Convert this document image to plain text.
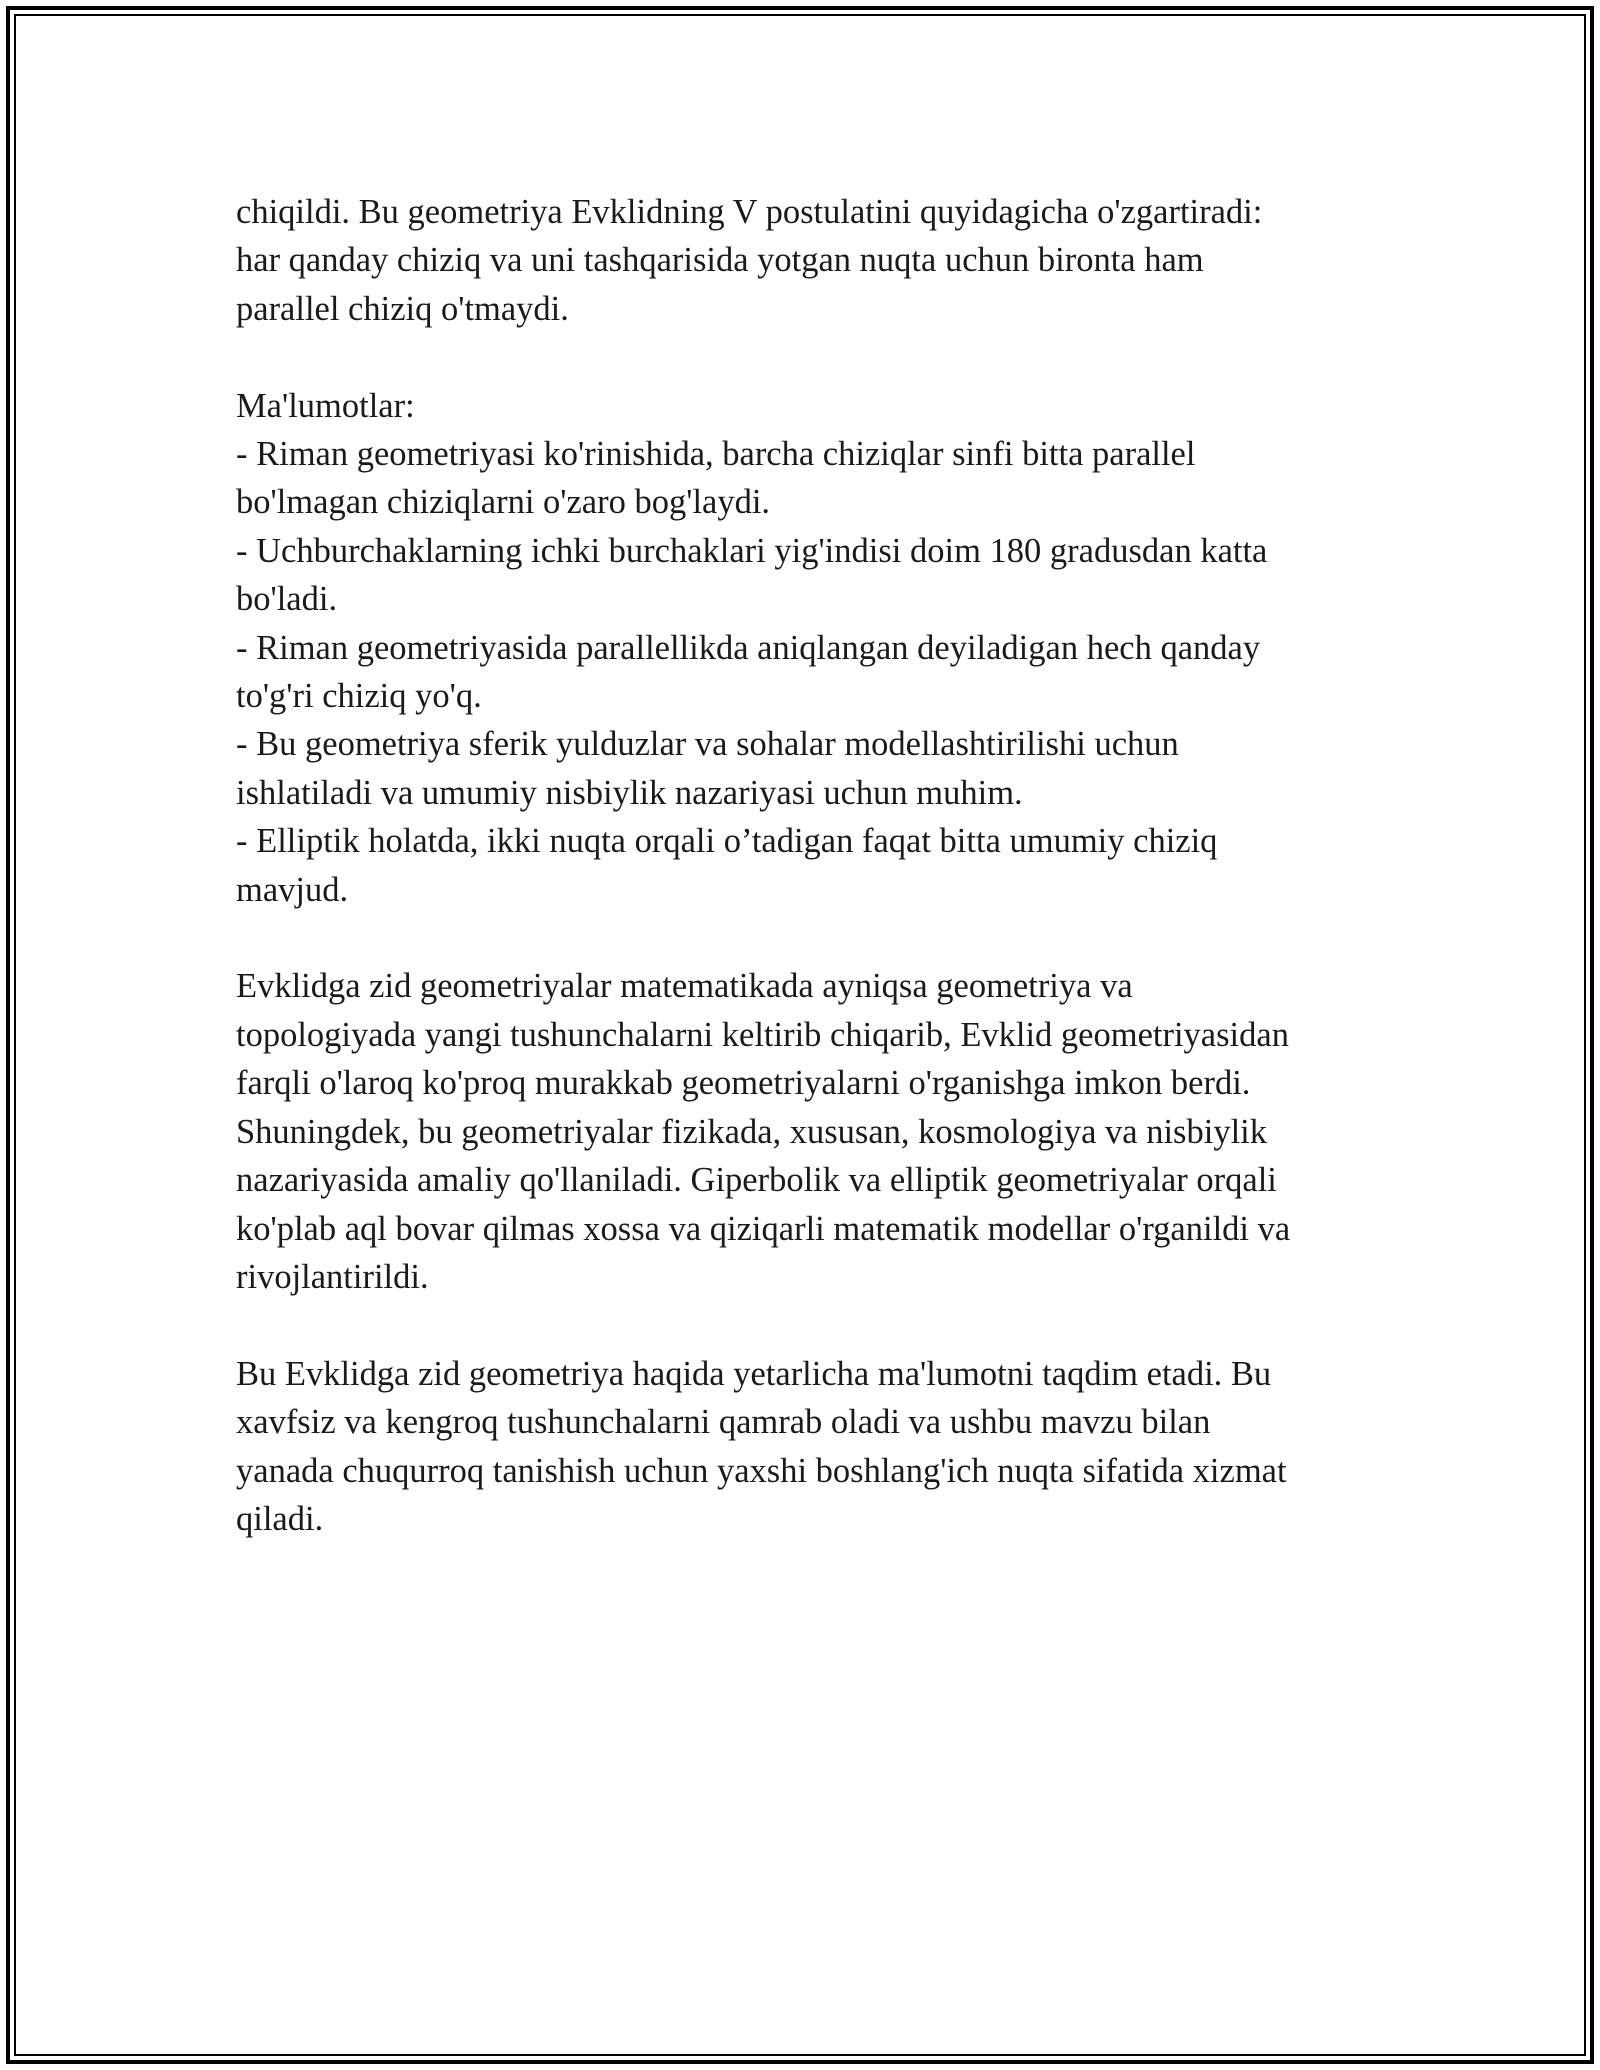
chiqildi. Bu geometriya Evklidning V postulatini quyidagicha o'zgartiradi:
har qanday chiziq va uni tashqarisida yotgan nuqta uchun bironta ham
parallel chiziq o'tmaydi.
Ma'lumotlar:
- Riman geometriyasi ko'rinishida, barcha chiziqlar sinfi bitta parallel
bo'lmagan chiziqlarni o'zaro bog'laydi.
- Uchburchaklarning ichki burchaklari yig'indisi doim 180 gradusdan katta
bo'ladi.
- Riman geometriyasida parallellikda aniqlangan deyiladigan hech qanday
to'g'ri chiziq yo'q.
- Bu geometriya sferik yulduzlar va sohalar modellashtirilishi uchun
ishlatiladi va umumiy nisbiylik nazariyasi uchun muhim.
- Elliptik holatda, ikki nuqta orqali o’tadigan faqat bitta umumiy chiziq
mavjud.
Evklidga zid geometriyalar matematikada ayniqsa geometriya va
topologiyada yangi tushunchalarni keltirib chiqarib, Evklid geometriyasidan
farqli o'laroq ko'proq murakkab geometriyalarni o'rganishga imkon berdi.
Shuningdek, bu geometriyalar fizikada, xususan, kosmologiya va nisbiylik
nazariyasida amaliy qo'llaniladi. Giperbolik va elliptik geometriyalar orqali
ko'plab aql bovar qilmas xossa va qiziqarli matematik modellar o'rganildi va
rivojlantirildi.
Bu Evklidga zid geometriya haqida yetarlicha ma'lumotni taqdim etadi. Bu
xavfsiz va kengroq tushunchalarni qamrab oladi va ushbu mavzu bilan
yanada chuqurroq tanishish uchun yaxshi boshlang'ich nuqta sifatida xizmat
qiladi.
